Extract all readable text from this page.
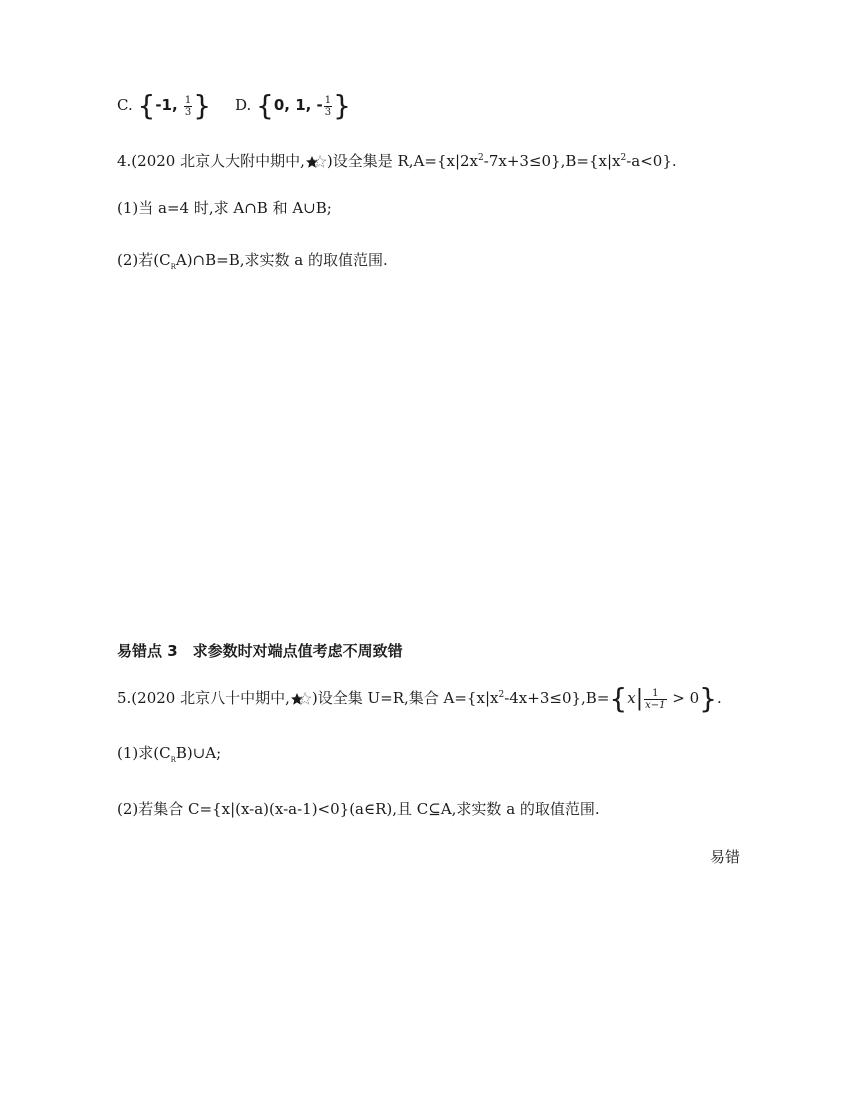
C. {-1, $\frac{1}{3}$ } D. {0, 1, - $\frac{1}{3}$ }
4.(2020 北京人大附中期中, )设全集是 $R,A=\{x|2x^2-7x+3\le 0\},B=\{x|x^2-a<0\}$.
(1)当 a=4 时,求 A∩B 和 A∪B;
(2)若$(C_RA)\cap B=B$,求实数 a 的取值范围.
易错点 3　求参数时对端点值考虑不周致错
5.(2020 北京八十中期中, )设全集 U=R,集合 $A=\{x|x^2-4x+3\le 0\},B=\{x| \frac{1}{x-1} > 0\}$.
(1)求$(C_RB)\cup A$;
(2)若集合 C={x|(x-a)(x-a-1)<0}(a∈R),且 C⊆A,求实数 a 的取值范围.
易错
